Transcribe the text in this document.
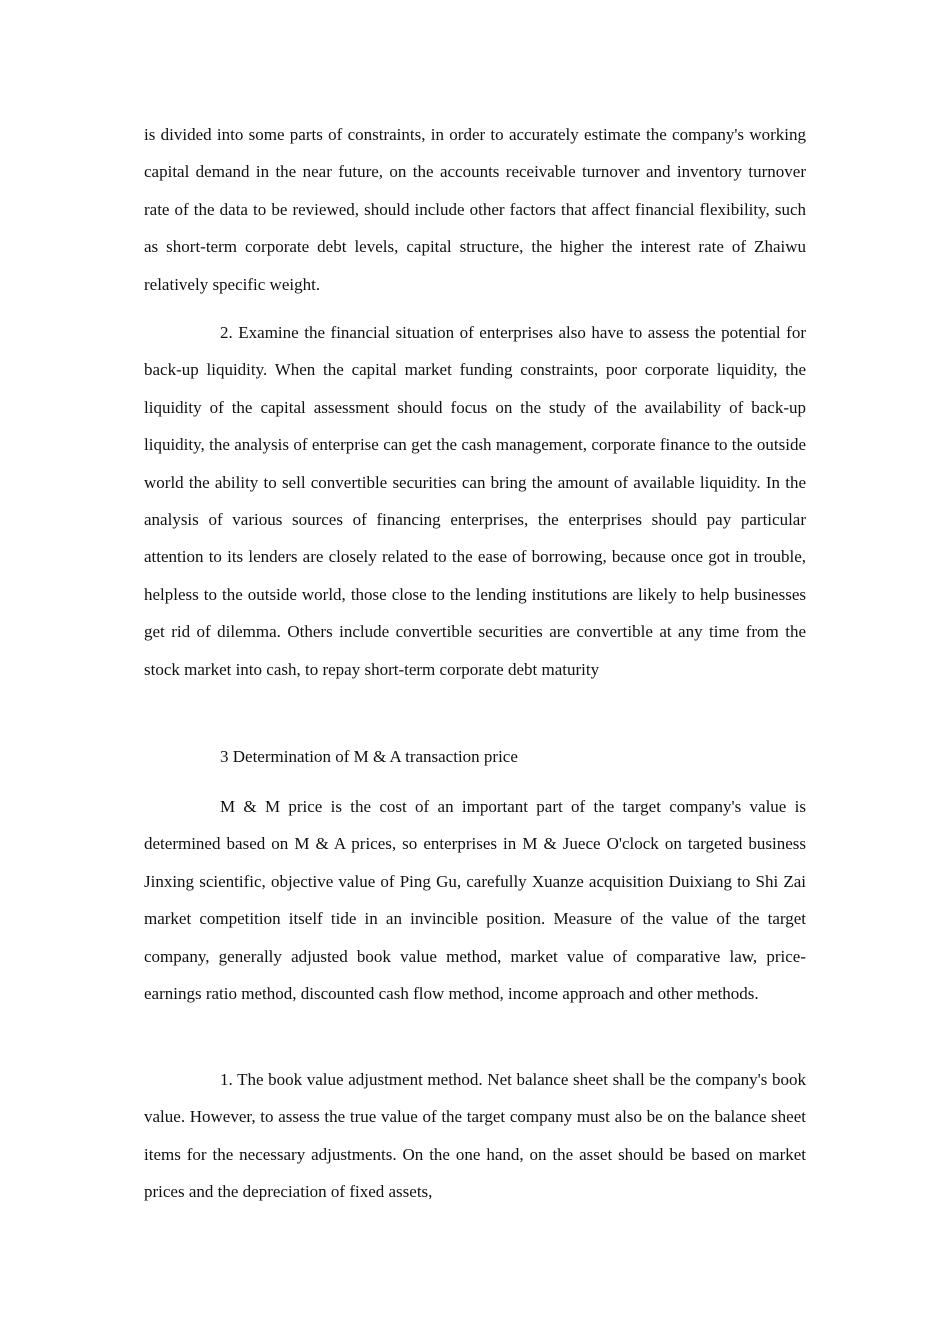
is divided into some parts of constraints, in order to accurately estimate the company's working capital demand in the near future, on the accounts receivable turnover and inventory turnover rate of the data to be reviewed, should include other factors that affect financial flexibility, such as short-term corporate debt levels, capital structure, the higher the interest rate of Zhaiwu relatively specific weight.

2. Examine the financial situation of enterprises also have to assess the potential for back-up liquidity. When the capital market funding constraints, poor corporate liquidity, the liquidity of the capital assessment should focus on the study of the availability of back-up liquidity, the analysis of enterprise can get the cash management, corporate finance to the outside world the ability to sell convertible securities can bring the amount of available liquidity. In the analysis of various sources of financing enterprises, the enterprises should pay particular attention to its lenders are closely related to the ease of borrowing, because once got in trouble, helpless to the outside world, those close to the lending institutions are likely to help businesses get rid of dilemma. Others include convertible securities are convertible at any time from the stock market into cash, to repay short-term corporate debt maturity

3 Determination of M & A transaction price

M & M price is the cost of an important part of the target company's value is determined based on M & A prices, so enterprises in M & Juece O'clock on targeted business Jinxing scientific, objective value of Ping Gu, carefully Xuanze acquisition Duixiang to Shi Zai market competition itself tide in an invincible position. Measure of the value of the target company, generally adjusted book value method, market value of comparative law, price-earnings ratio method, discounted cash flow method, income approach and other methods.

1. The book value adjustment method. Net balance sheet shall be the company's book value. However, to assess the true value of the target company must also be on the balance sheet items for the necessary adjustments. On the one hand, on the asset should be based on market prices and the depreciation of fixed assets,
